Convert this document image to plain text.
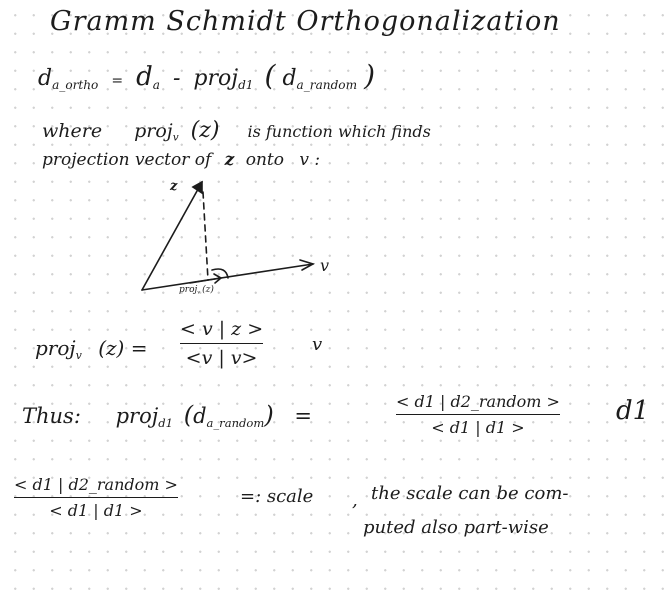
Gramm Schmidt Orthogonalization
$d_{a\_ortho} = d_a$ - proj$_{d1}$ ( $d_{a\_random}$ )
where proj$_v$ (z) is function which finds
projection vector of z onto v :
z
v
proj$_v$ (z)
proj$_v$ (z) =
< v | z >
<v | v>
v
Thus: proj$_{d1}$ $(d_{a\_random})$ =
< d1 | d2_random >
< d1 | d1 >
d1
< d1 | d2_random >
< d1 | d1 >
=: scale , the scale can be com-
puted also part-wise
